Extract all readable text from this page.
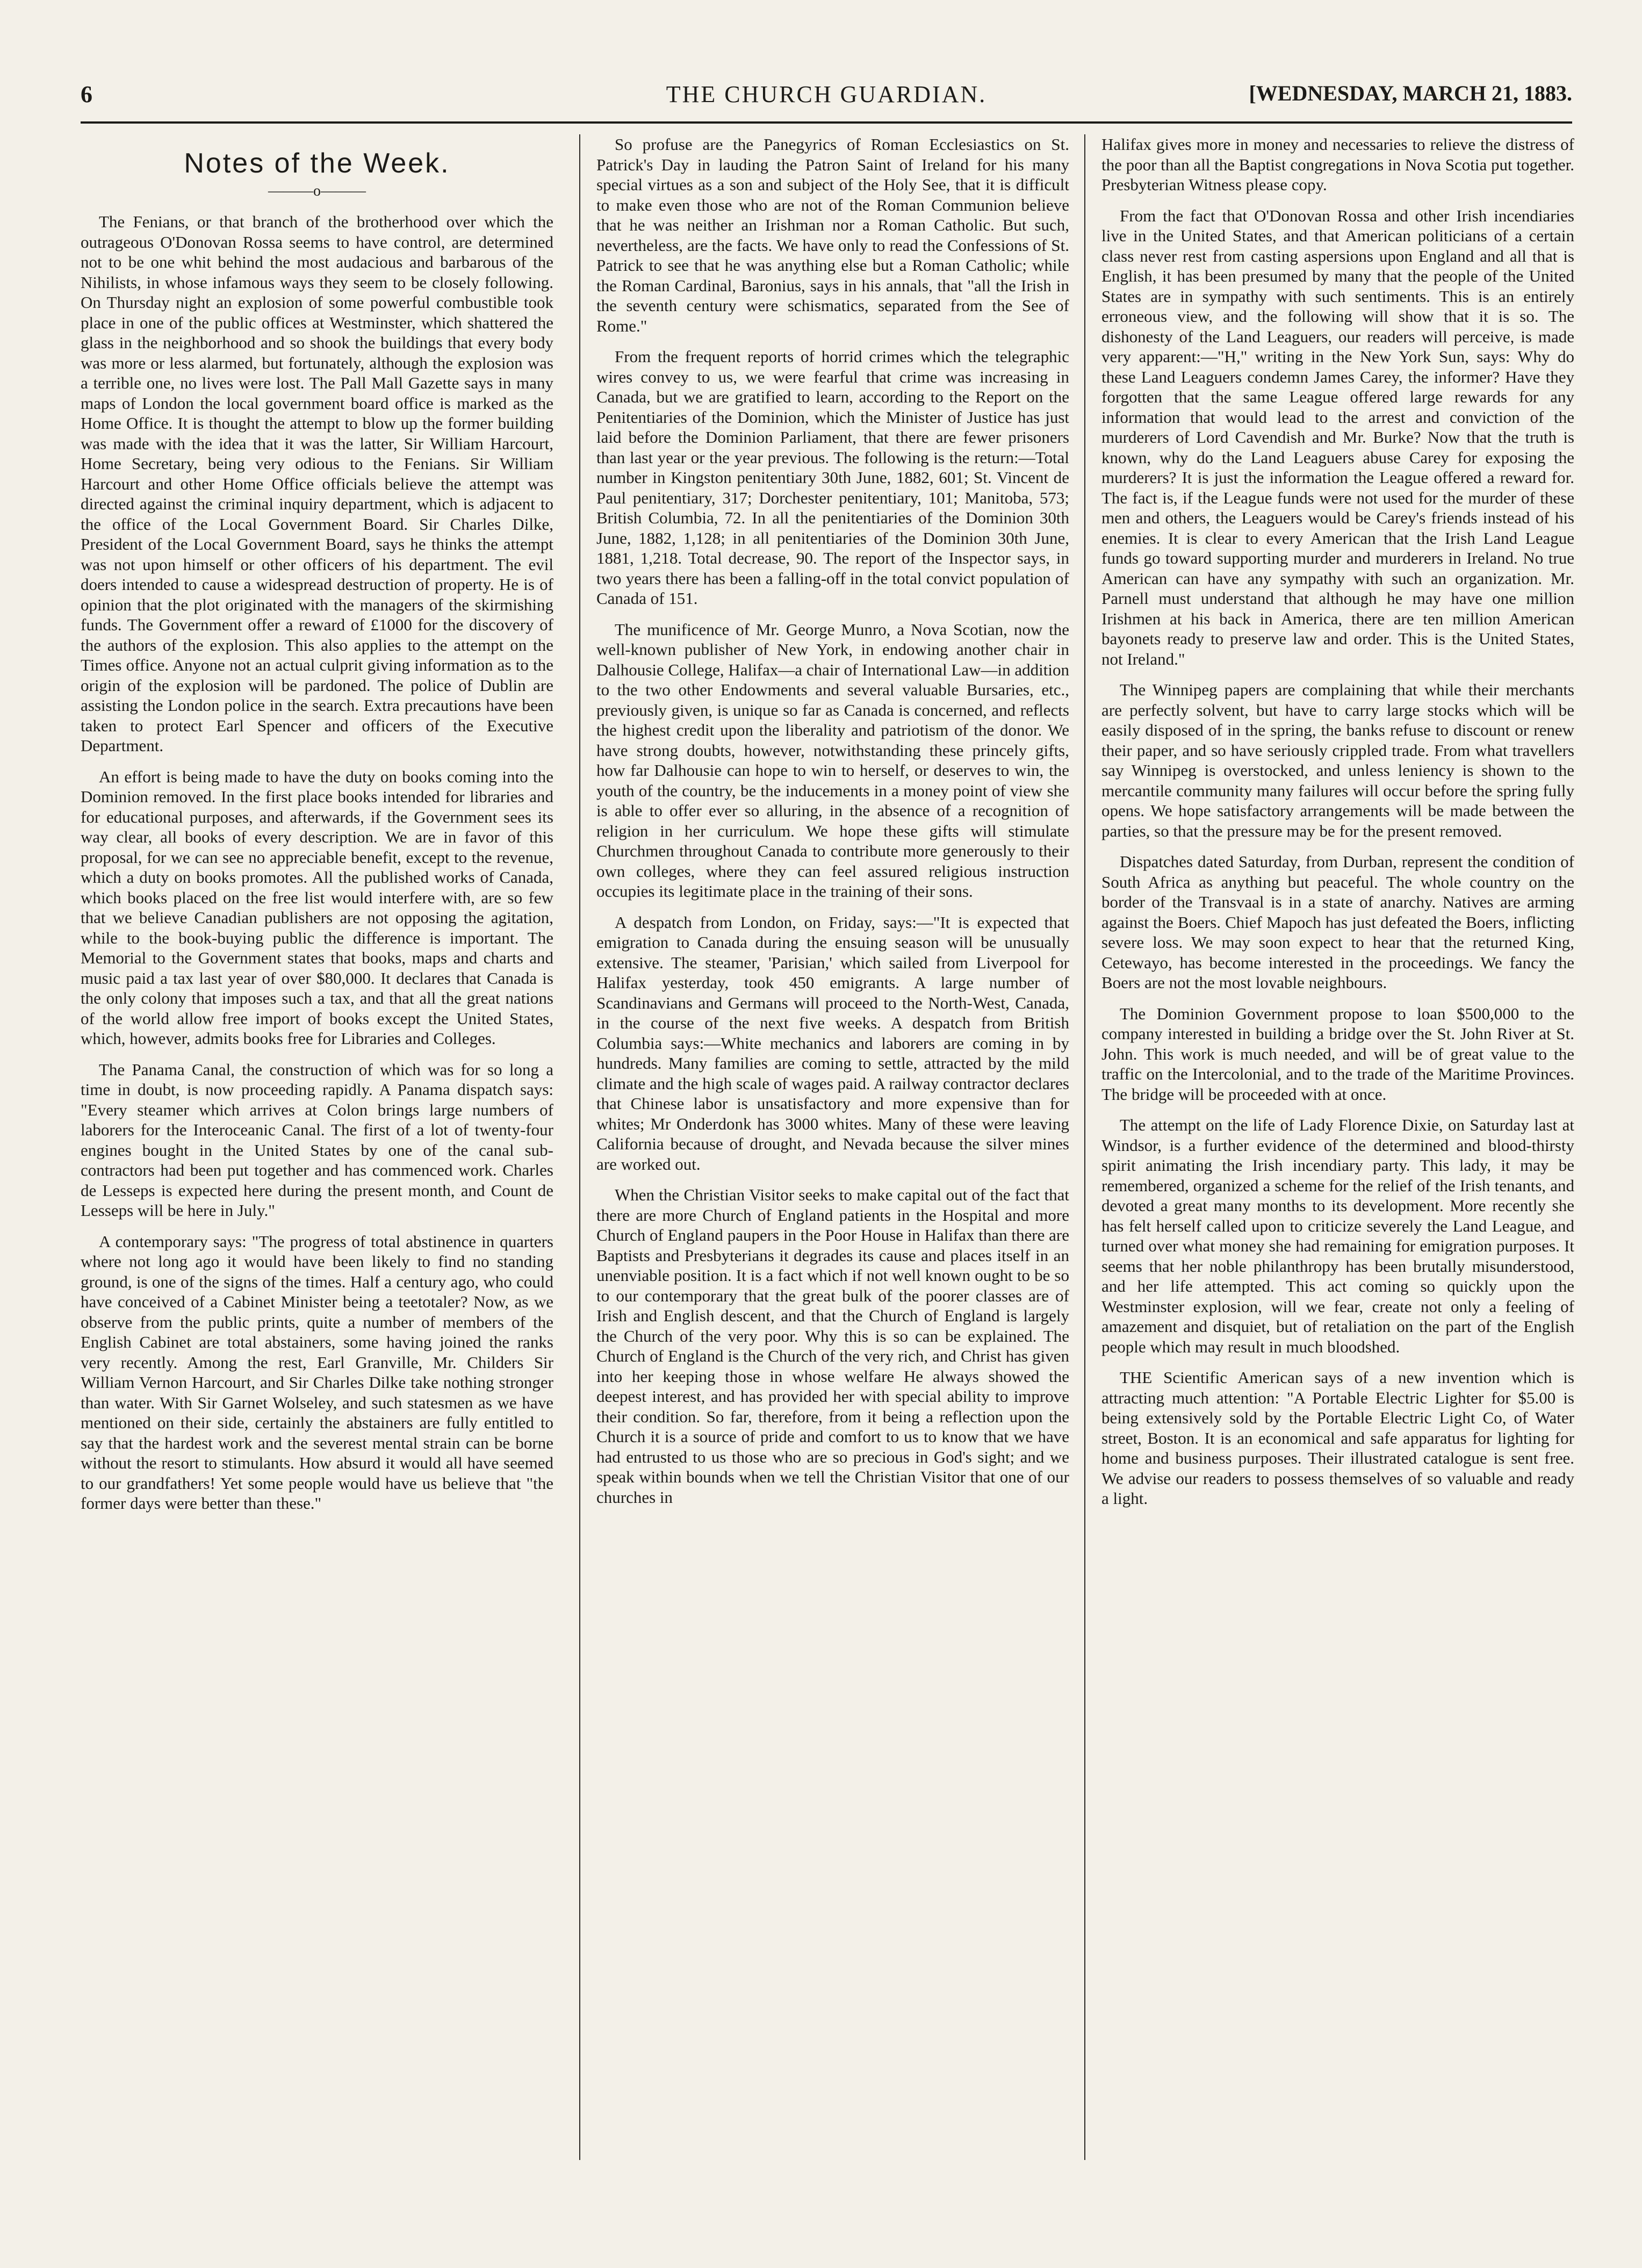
6	THE CHURCH GUARDIAN.	[WEDNESDAY, MARCH 21, 1883.
Notes of the Week.
———o———

The Fenians, or that branch of the brotherhood over which the outrageous O'Donovan Rossa seems to have control, are determined not to be one whit behind the most audacious and barbarous of the Nihilists, in whose infamous ways they seem to be closely following. On Thursday night an explosion of some powerful combustible took place in one of the public offices at Westminster, which shattered the glass in the neighborhood and so shook the buildings that every body was more or less alarmed, but fortunately, although the explosion was a terrible one, no lives were lost. The Pall Mall Gazette says in many maps of London the local government board office is marked as the Home Office. It is thought the attempt to blow up the former building was made with the idea that it was the latter, Sir William Harcourt, Home Secretary, being very odious to the Fenians. Sir William Harcourt and other Home Office officials believe the attempt was directed against the criminal inquiry department, which is adjacent to the office of the Local Government Board. Sir Charles Dilke, President of the Local Government Board, says he thinks the attempt was not upon himself or other officers of his department. The evil doers intended to cause a widespread destruction of property. He is of opinion that the plot originated with the managers of the skirmishing funds. The Government offer a reward of £1000 for the discovery of the authors of the explosion. This also applies to the attempt on the Times office. Anyone not an actual culprit giving information as to the origin of the explosion will be pardoned. The police of Dublin are assisting the London police in the search. Extra precautions have been taken to protect Earl Spencer and officers of the Executive Department.

An effort is being made to have the duty on books coming into the Dominion removed. In the first place books intended for libraries and for educational purposes, and afterwards, if the Government sees its way clear, all books of every description. We are in favor of this proposal, for we can see no appreciable benefit, except to the revenue, which a duty on books promotes. All the published works of Canada, which books placed on the free list would interfere with, are so few that we believe Canadian publishers are not opposing the agitation, while to the book-buying public the difference is important. The Memorial to the Government states that books, maps and charts and music paid a tax last year of over $80,000. It declares that Canada is the only colony that imposes such a tax, and that all the great nations of the world allow free import of books except the United States, which, however, admits books free for Libraries and Colleges.

The Panama Canal, the construction of which was for so long a time in doubt, is now proceeding rapidly. A Panama dispatch says: "Every steamer which arrives at Colon brings large numbers of laborers for the Interoceanic Canal. The first of a lot of twenty-four engines bought in the United States by one of the canal sub-contractors had been put together and has commenced work. Charles de Lesseps is expected here during the present month, and Count de Lesseps will be here in July."

A contemporary says: "The progress of total abstinence in quarters where not long ago it would have been likely to find no standing ground, is one of the signs of the times. Half a century ago, who could have conceived of a Cabinet Minister being a teetotaler? Now, as we observe from the public prints, quite a number of members of the English Cabinet are total abstainers, some having joined the ranks very recently. Among the rest, Earl Granville, Mr. Childers Sir William Vernon Harcourt, and Sir Charles Dilke take nothing stronger than water. With Sir Garnet Wolseley, and such statesmen as we have mentioned on their side, certainly the abstainers are fully entitled to say that the hardest work and the severest mental strain can be borne without the resort to stimulants. How absurd it would all have seemed to our grandfathers! Yet some people would have us believe that "the former days were better than these."

So profuse are the Panegyrics of Roman Ecclesiastics on St. Patrick's Day in lauding the Patron Saint of Ireland for his many special virtues as a son and subject of the Holy See, that it is difficult to make even those who are not of the Roman Communion believe that he was neither an Irishman nor a Roman Catholic. But such, nevertheless, are the facts. We have only to read the Confessions of St. Patrick to see that he was anything else but a Roman Catholic; while the Roman Cardinal, Baronius, says in his annals, that "all the Irish in the seventh century were schismatics, separated from the See of Rome."

From the frequent reports of horrid crimes which the telegraphic wires convey to us, we were fearful that crime was increasing in Canada, but we are gratified to learn, according to the Report on the Penitentiaries of the Dominion, which the Minister of Justice has just laid before the Dominion Parliament, that there are fewer prisoners than last year or the year previous. The following is the return:—Total number in Kingston penitentiary 30th June, 1882, 601; St. Vincent de Paul penitentiary, 317; Dorchester penitentiary, 101; Manitoba, 573; British Columbia, 72. In all the penitentiaries of the Dominion 30th June, 1882, 1,128; in all penitentiaries of the Dominion 30th June, 1881, 1,218. Total decrease, 90. The report of the Inspector says, in two years there has been a falling-off in the total convict population of Canada of 151.

The munificence of Mr. George Munro, a Nova Scotian, now the well-known publisher of New York, in endowing another chair in Dalhousie College, Halifax—a chair of International Law—in addition to the two other Endowments and several valuable Bursaries, etc., previously given, is unique so far as Canada is concerned, and reflects the highest credit upon the liberality and patriotism of the donor. We have strong doubts, however, notwithstanding these princely gifts, how far Dalhousie can hope to win to herself, or deserves to win, the youth of the country, be the inducements in a money point of view she is able to offer ever so alluring, in the absence of a recognition of religion in her curriculum. We hope these gifts will stimulate Churchmen throughout Canada to contribute more generously to their own colleges, where they can feel assured religious instruction occupies its legitimate place in the training of their sons.

A despatch from London, on Friday, says:—"It is expected that emigration to Canada during the ensuing season will be unusually extensive. The steamer, 'Parisian,' which sailed from Liverpool for Halifax yesterday, took 450 emigrants. A large number of Scandinavians and Germans will proceed to the North-West, Canada, in the course of the next five weeks. A despatch from British Columbia says:—White mechanics and laborers are coming in by hundreds. Many families are coming to settle, attracted by the mild climate and the high scale of wages paid. A railway contractor declares that Chinese labor is unsatisfactory and more expensive than for whites; Mr Onderdonk has 3000 whites. Many of these were leaving California because of drought, and Nevada because the silver mines are worked out.

When the Christian Visitor seeks to make capital out of the fact that there are more Church of England patients in the Hospital and more Church of England paupers in the Poor House in Halifax than there are Baptists and Presbyterians it degrades its cause and places itself in an unenviable position. It is a fact which if not well known ought to be so to our contemporary that the great bulk of the poorer classes are of Irish and English descent, and that the Church of England is largely the Church of the very poor. Why this is so can be explained. The Church of England is the Church of the very rich, and Christ has given into her keeping those in whose welfare He always showed the deepest interest, and has provided her with special ability to improve their condition. So far, therefore, from it being a reflection upon the Church it is a source of pride and comfort to us to know that we have had entrusted to us those who are so precious in God's sight; and we speak within bounds when we tell the Christian Visitor that one of our churches in

Halifax gives more in money and necessaries to relieve the distress of the poor than all the Baptist congregations in Nova Scotia put together. Presbyterian Witness please copy.

From the fact that O'Donovan Rossa and other Irish incendiaries live in the United States, and that American politicians of a certain class never rest from casting aspersions upon England and all that is English, it has been presumed by many that the people of the United States are in sympathy with such sentiments. This is an entirely erroneous view, and the following will show that it is so. The dishonesty of the Land Leaguers, our readers will perceive, is made very apparent:—"H," writing in the New York Sun, says: Why do these Land Leaguers condemn James Carey, the informer? Have they forgotten that the same League offered large rewards for any information that would lead to the arrest and conviction of the murderers of Lord Cavendish and Mr. Burke? Now that the truth is known, why do the Land Leaguers abuse Carey for exposing the murderers? It is just the information the League offered a reward for. The fact is, if the League funds were not used for the murder of these men and others, the Leaguers would be Carey's friends instead of his enemies. It is clear to every American that the Irish Land League funds go toward supporting murder and murderers in Ireland. No true American can have any sympathy with such an organization. Mr. Parnell must understand that although he may have one million Irishmen at his back in America, there are ten million American bayonets ready to preserve law and order. This is the United States, not Ireland."

The Winnipeg papers are complaining that while their merchants are perfectly solvent, but have to carry large stocks which will be easily disposed of in the spring, the banks refuse to discount or renew their paper, and so have seriously crippled trade. From what travellers say Winnipeg is overstocked, and unless leniency is shown to the mercantile community many failures will occur before the spring fully opens. We hope satisfactory arrangements will be made between the parties, so that the pressure may be for the present removed.

Dispatches dated Saturday, from Durban, represent the condition of South Africa as anything but peaceful. The whole country on the border of the Transvaal is in a state of anarchy. Natives are arming against the Boers. Chief Mapoch has just defeated the Boers, inflicting severe loss. We may soon expect to hear that the returned King, Cetewayo, has become interested in the proceedings. We fancy the Boers are not the most lovable neighbours.

The Dominion Government propose to loan $500,000 to the company interested in building a bridge over the St. John River at St. John. This work is much needed, and will be of great value to the traffic on the Intercolonial, and to the trade of the Maritime Provinces. The bridge will be proceeded with at once.

The attempt on the life of Lady Florence Dixie, on Saturday last at Windsor, is a further evidence of the determined and blood-thirsty spirit animating the Irish incendiary party. This lady, it may be remembered, organized a scheme for the relief of the Irish tenants, and devoted a great many months to its development. More recently she has felt herself called upon to criticize severely the Land League, and turned over what money she had remaining for emigration purposes. It seems that her noble philanthropy has been brutally misunderstood, and her life attempted. This act coming so quickly upon the Westminster explosion, will we fear, create not only a feeling of amazement and disquiet, but of retaliation on the part of the English people which may result in much bloodshed.

THE Scientific American says of a new invention which is attracting much attention: "A Portable Electric Lighter for $5.00 is being extensively sold by the Portable Electric Light Co, of Water street, Boston. It is an economical and safe apparatus for lighting for home and business purposes. Their illustrated catalogue is sent free. We advise our readers to possess themselves of so valuable and ready a light.
